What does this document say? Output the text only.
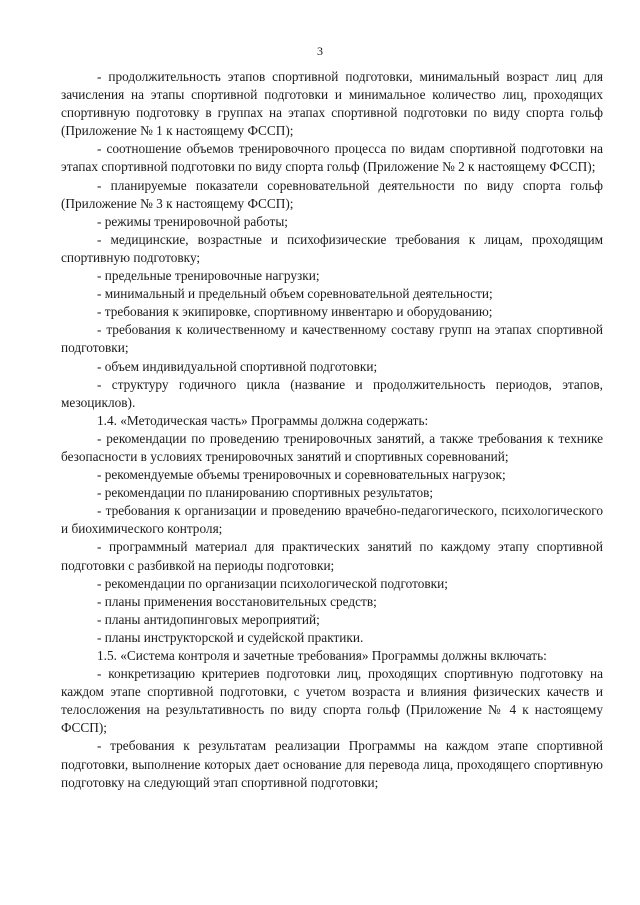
3

- продолжительность этапов спортивной подготовки, минимальный возраст лиц для зачисления на этапы спортивной подготовки и минимальное количество лиц, проходящих спортивную подготовку в группах на этапах спортивной подготовки по виду спорта гольф (Приложение № 1 к настоящему ФССП);

- соотношение объемов тренировочного процесса по видам спортивной подготовки на этапах спортивной подготовки по виду спорта гольф (Приложение № 2 к настоящему ФССП);

- планируемые показатели соревновательной деятельности по виду спорта гольф (Приложение № 3 к настоящему ФССП);

- режимы тренировочной работы;

- медицинские, возрастные и психофизические требования к лицам, проходящим спортивную подготовку;

- предельные тренировочные нагрузки;

- минимальный и предельный объем соревновательной деятельности;

- требования к экипировке, спортивному инвентарю и оборудованию;

- требования к количественному и качественному составу групп на этапах спортивной подготовки;

- объем индивидуальной спортивной подготовки;

- структуру годичного цикла (название и продолжительность периодов, этапов, мезоциклов).

1.4. «Методическая часть» Программы должна содержать:

- рекомендации по проведению тренировочных занятий, а также требования к технике безопасности в условиях тренировочных занятий и спортивных соревнований;

- рекомендуемые объемы тренировочных и соревновательных нагрузок;

- рекомендации по планированию спортивных результатов;

- требования к организации и проведению врачебно-педагогического, психологического и биохимического контроля;

- программный материал для практических занятий по каждому этапу спортивной подготовки с разбивкой на периоды подготовки;

- рекомендации по организации психологической подготовки;

- планы применения восстановительных средств;

- планы антидопинговых мероприятий;

- планы инструкторской и судейской практики.

1.5. «Система контроля и зачетные требования» Программы должны включать:

- конкретизацию критериев подготовки лиц, проходящих спортивную подготовку на каждом этапе спортивной подготовки, с учетом возраста и влияния физических качеств и телосложения на результативность по виду спорта гольф (Приложение № 4 к настоящему ФССП);

- требования к результатам реализации Программы на каждом этапе спортивной подготовки, выполнение которых дает основание для перевода лица, проходящего спортивную подготовку на следующий этап спортивной подготовки;
